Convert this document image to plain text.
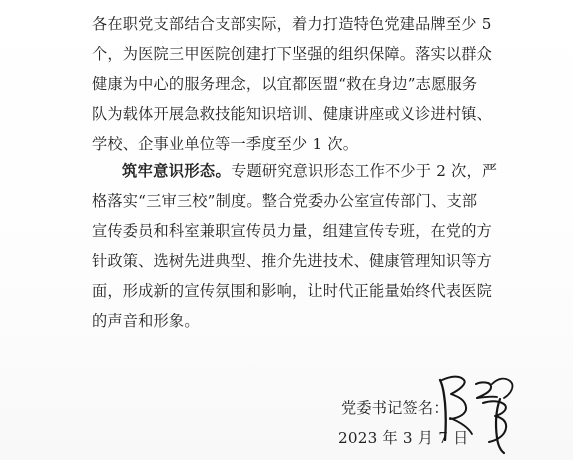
各在职党支部结合支部实际，着力打造特色党建品牌至少 5
个，为医院三甲医院创建打下坚强的组织保障。落实以群众
健康为中心的服务理念，以宜都医盟“救在身边”志愿服务
队为载体开展急救技能知识培训、健康讲座或义诊进村镇、
学校、企事业单位等一季度至少 1 次。
筑牢意识形态。专题研究意识形态工作不少于 2 次，严
格落实“三审三校”制度。整合党委办公室宣传部门、支部
宣传委员和科室兼职宣传员力量，组建宣传专班，在党的方
针政策、选树先进典型、推介先进技术、健康管理知识等方
面，形成新的宣传氛围和影响，让时代正能量始终代表医院
的声音和形象。
党委书记签名：
2023 年 3 月 7 日
